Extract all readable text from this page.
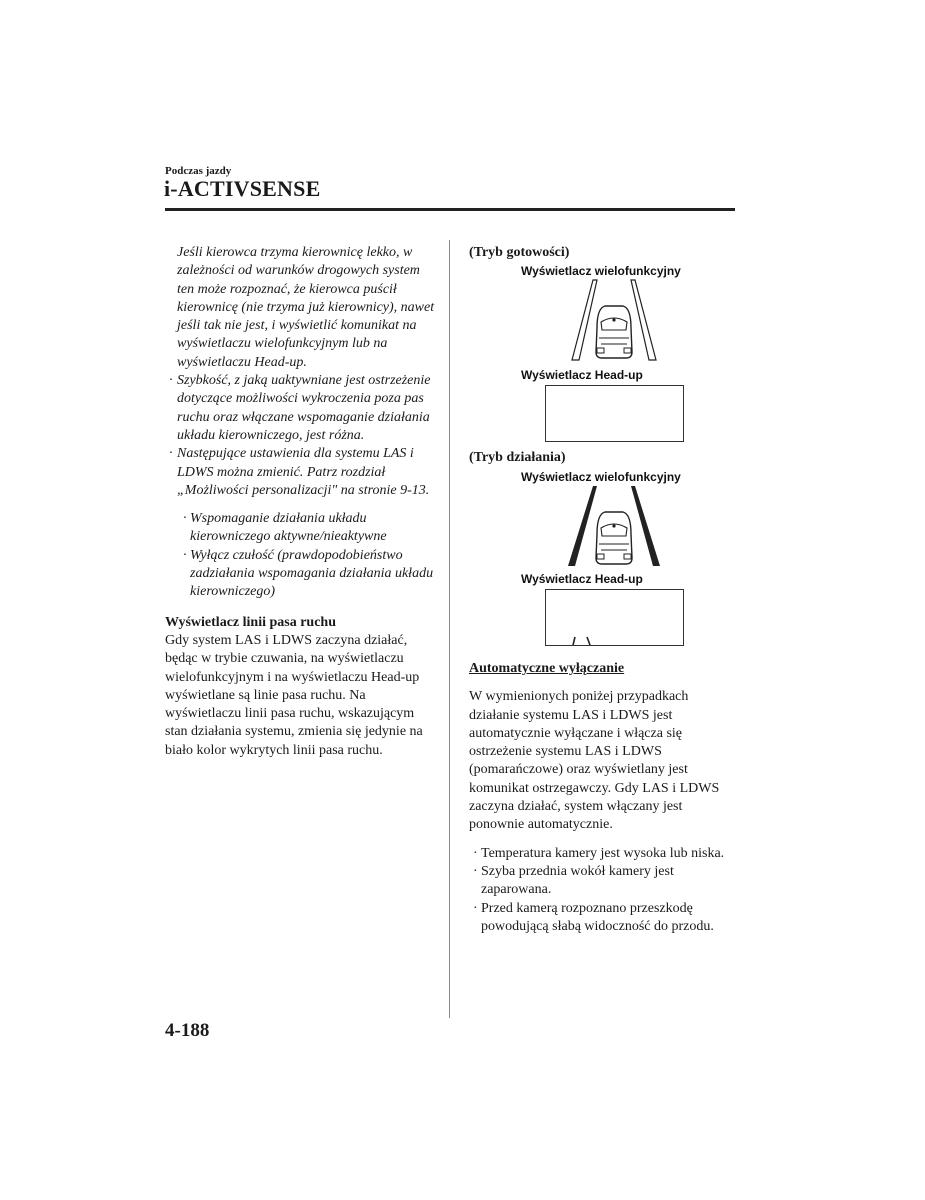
Podczas jazdy
i-ACTIVSENSE

Jeśli kierowca trzyma kierownicę lekko, w zależności od warunków drogowych system ten może rozpoznać, że kierowca puścił kierownicę (nie trzyma już kierownicy), nawet jeśli tak nie jest, i wyświetlić komunikat na wyświetlaczu wielofunkcyjnym lub na wyświetlaczu Head-up.

· Szybkość, z jaką uaktywniane jest ostrzeżenie dotyczące możliwości wykroczenia poza pas ruchu oraz włączane wspomaganie działania układu kierowniczego, jest różna.
· Następujące ustawienia dla systemu LAS i LDWS można zmienić. Patrz rozdział „Możliwości personalizacji" na stronie 9-13.
· Wspomaganie działania układu kierowniczego aktywne/nieaktywne
· Wyłącz czułość (prawdopodobieństwo zadziałania wspomagania działania układu kierowniczego)
Wyświetlacz linii pasa ruchu

Gdy system LAS i LDWS zaczyna działać, będąc w trybie czuwania, na wyświetlaczu wielofunkcyjnym i na wyświetlaczu Head-up wyświetlane są linie pasa ruchu. Na wyświetlaczu linii pasa ruchu, wskazującym stan działania systemu, zmienia się jedynie na biało kolor wykrytych linii pasa ruchu.

(Tryb gotowości)
Wyświetlacz wielofunkcyjny
Wyświetlacz Head-up
(Tryb działania)
Wyświetlacz wielofunkcyjny
Wyświetlacz Head-up
Automatyczne wyłączanie

W wymienionych poniżej przypadkach działanie systemu LAS i LDWS jest automatycznie wyłączane i włącza się ostrzeżenie systemu LAS i LDWS (pomarańczowe) oraz wyświetlany jest komunikat ostrzegawczy. Gdy LAS i LDWS zaczyna działać, system włączany jest ponownie automatycznie.

· Temperatura kamery jest wysoka lub niska.
· Szyba przednia wokół kamery jest zaparowana.
· Przed kamerą rozpoznano przeszkodę powodującą słabą widoczność do przodu.
4-188
